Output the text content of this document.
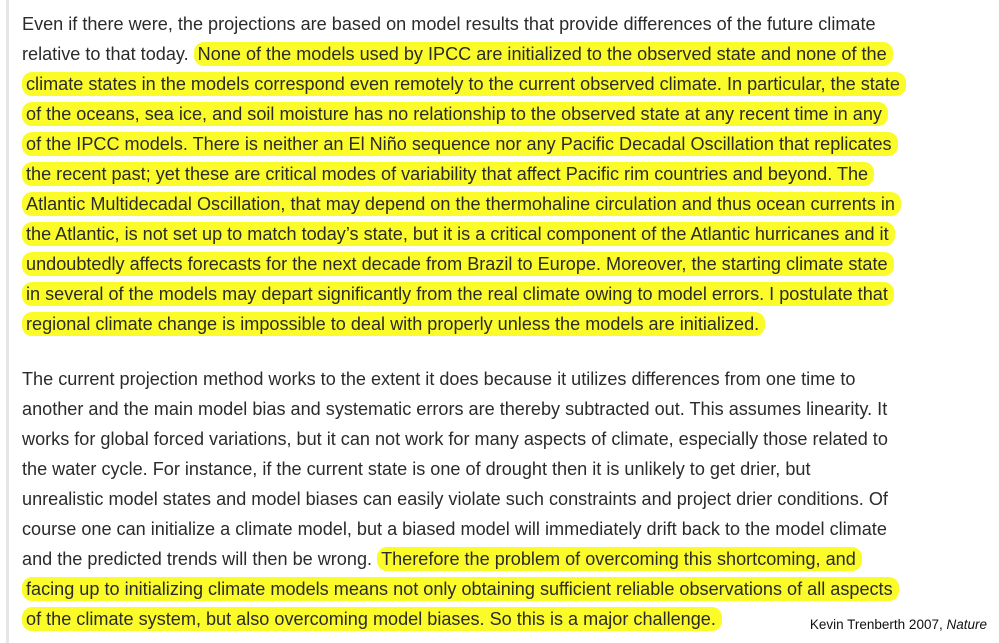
Even if there were, the projections are based on model results that provide differences of the future climate
relative to that today. None of the models used by IPCC are initialized to the observed state and none of the
climate states in the models correspond even remotely to the current observed climate. In particular, the state
of the oceans, sea ice, and soil moisture has no relationship to the observed state at any recent time in any
of the IPCC models. There is neither an El Niño sequence nor any Pacific Decadal Oscillation that replicates
the recent past; yet these are critical modes of variability that affect Pacific rim countries and beyond. The
Atlantic Multidecadal Oscillation, that may depend on the thermohaline circulation and thus ocean currents in
the Atlantic, is not set up to match today’s state, but it is a critical component of the Atlantic hurricanes and it
undoubtedly affects forecasts for the next decade from Brazil to Europe. Moreover, the starting climate state
in several of the models may depart significantly from the real climate owing to model errors. I postulate that
regional climate change is impossible to deal with properly unless the models are initialized.

The current projection method works to the extent it does because it utilizes differences from one time to
another and the main model bias and systematic errors are thereby subtracted out. This assumes linearity. It
works for global forced variations, but it can not work for many aspects of climate, especially those related to
the water cycle. For instance, if the current state is one of drought then it is unlikely to get drier, but
unrealistic model states and model biases can easily violate such constraints and project drier conditions. Of
course one can initialize a climate model, but a biased model will immediately drift back to the model climate
and the predicted trends will then be wrong. Therefore the problem of overcoming this shortcoming, and
facing up to initializing climate models means not only obtaining sufficient reliable observations of all aspects
of the climate system, but also overcoming model biases. So this is a major challenge.	Kevin Trenberth 2007, Nature
